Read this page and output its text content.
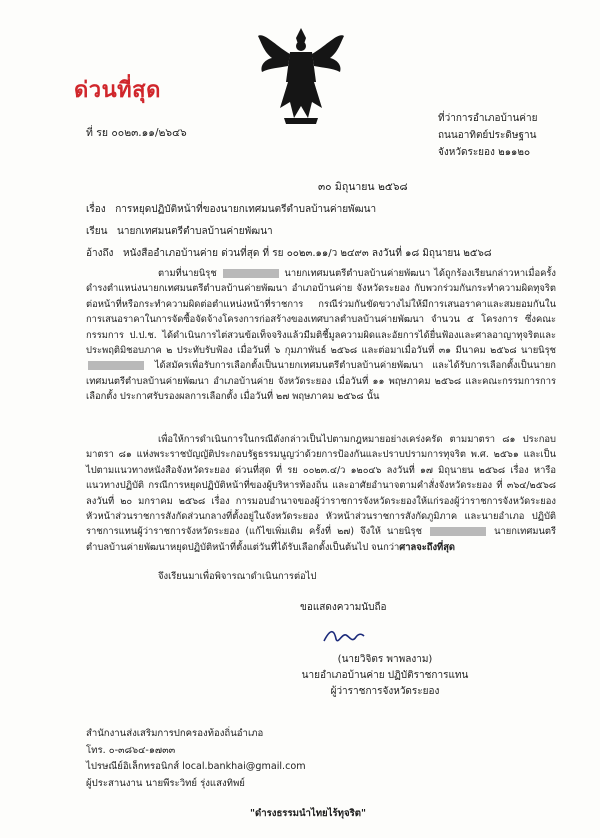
ด่วนที่สุด
ที่ รย ๐๐๒๓.๑๑/๒๖๔๖
ที่ว่าการอำเภอบ้านค่าย
ถนนอาทิตย์ประดิษฐาน
จังหวัดระยอง ๒๑๑๒๐
๓๐ มิถุนายน ๒๕๖๘
เรื่อง การหยุดปฏิบัติหน้าที่ของนายกเทศมนตรีตำบลบ้านค่ายพัฒนา
เรียน นายกเทศมนตรีตำบลบ้านค่ายพัฒนา
อ้างถึง หนังสืออำเภอบ้านค่าย ด่วนที่สุด ที่ รย ๐๐๒๓.๑๑/ว ๒๔๙๓ ลงวันที่ ๑๘ มิถุนายน ๒๕๖๘

ตามที่นายนิรุช	นายกเทศมนตรีตำบลบ้านค่ายพัฒนา ได้ถูกร้องเรียนกล่าวหาเมื่อครั้งดำรงตำแหน่งนายกเทศมนตรีตำบลบ้านค่ายพัฒนา อำเภอบ้านค่าย จังหวัดระยอง กับพวกร่วมกันกระทำความผิดทุจริตต่อหน้าที่หรือกระทำความผิดต่อตำแหน่งหน้าที่ราชการ กรณีร่วมกันขัดขวางไม่ให้มีการเสนอราคาและสมยอมกันในการเสนอราคาในการจัดซื้อจัดจ้างโครงการก่อสร้างของเทศบาลตำบลบ้านค่ายพัฒนา จำนวน ๕ โครงการ ซึ่งคณะกรรมการ ป.ป.ช. ได้ดำเนินการไต่สวนข้อเท็จจริงแล้วมีมติชี้มูลความผิดและอัยการได้ยื่นฟ้องและศาลอาญาทุจริตและประพฤติมิชอบภาค ๒ ประทับรับฟ้อง เมื่อวันที่ ๖ กุมภาพันธ์ ๒๕๖๘ และต่อมาเมื่อวันที่ ๓๑ มีนาคม ๒๕๖๘ นายนิรุช  ได้สมัครเพื่อรับการเลือกตั้งเป็นนายกเทศมนตรีตำบลบ้านค่ายพัฒนา และได้รับการเลือกตั้งเป็นนายกเทศมนตรีตำบลบ้านค่ายพัฒนา อำเภอบ้านค่าย จังหวัดระยอง เมื่อวันที่ ๑๑ พฤษภาคม ๒๕๖๘ และคณะกรรมการการเลือกตั้ง ประกาศรับรองผลการเลือกตั้ง เมื่อวันที่ ๒๗ พฤษภาคม ๒๕๖๘ นั้น

เพื่อให้การดำเนินการในกรณีดังกล่าวเป็นไปตามกฎหมายอย่างเคร่งครัด ตามมาตรา ๘๑ ประกอบมาตรา ๘๑ แห่งพระราชบัญญัติประกอบรัฐธรรมนูญว่าด้วยการป้องกันและปราบปรามการทุจริต พ.ศ. ๒๕๖๑ และเป็นไปตามแนวทางหนังสือจังหวัดระยอง ด่วนที่สุด ที่ รย ๐๐๒๓.๔/ว ๑๒๐๔๖ ลงวันที่ ๑๗ มิถุนายน ๒๕๖๘ เรื่อง หารือแนวทางปฏิบัติ กรณีการหยุดปฏิบัติหน้าที่ของผู้บริหารท้องถิ่น และอาศัยอำนาจตามคำสั่งจังหวัดระยอง ที่ ๓๖๔/๒๕๖๘ ลงวันที่ ๒๐ มกราคม ๒๕๖๘ เรื่อง การมอบอำนาจของผู้ว่าราชการจังหวัดระยองให้แก่รองผู้ว่าราชการจังหวัดระยอง หัวหน้าส่วนราชการสังกัดส่วนกลางที่ตั้งอยู่ในจังหวัดระยอง หัวหน้าส่วนราชการสังกัดภูมิภาค และนายอำเภอ ปฏิบัติราชการแทนผู้ว่าราชการจังหวัดระยอง (แก้ไขเพิ่มเติม ครั้งที่ ๒๗) จึงให้ นายนิรุช	นายกเทศมนตรีตำบลบ้านค่ายพัฒนาหยุดปฏิบัติหน้าที่ตั้งแต่วันที่ได้รับเลือกตั้งเป็นต้นไป จนกว่าศาลจะถึงที่สุด

จึงเรียนมาเพื่อพิจารณาดำเนินการต่อไป

ขอแสดงความนับถือ
(นายวิจิตร พาพลงาม)
นายอำเภอบ้านค่าย ปฏิบัติราชการแทน
ผู้ว่าราชการจังหวัดระยอง
สำนักงานส่งเสริมการปกครองท้องถิ่นอำเภอ
โทร. ๐-๓๘๖๔-๑๗๓๓
ไปรษณีย์อิเล็กทรอนิกส์ local.bankhai@gmail.com
ผู้ประสานงาน นายพีระวิทย์ รุ่งแสงทิพย์
"ดำรงธรรมนำไทยไร้ทุจริต"
